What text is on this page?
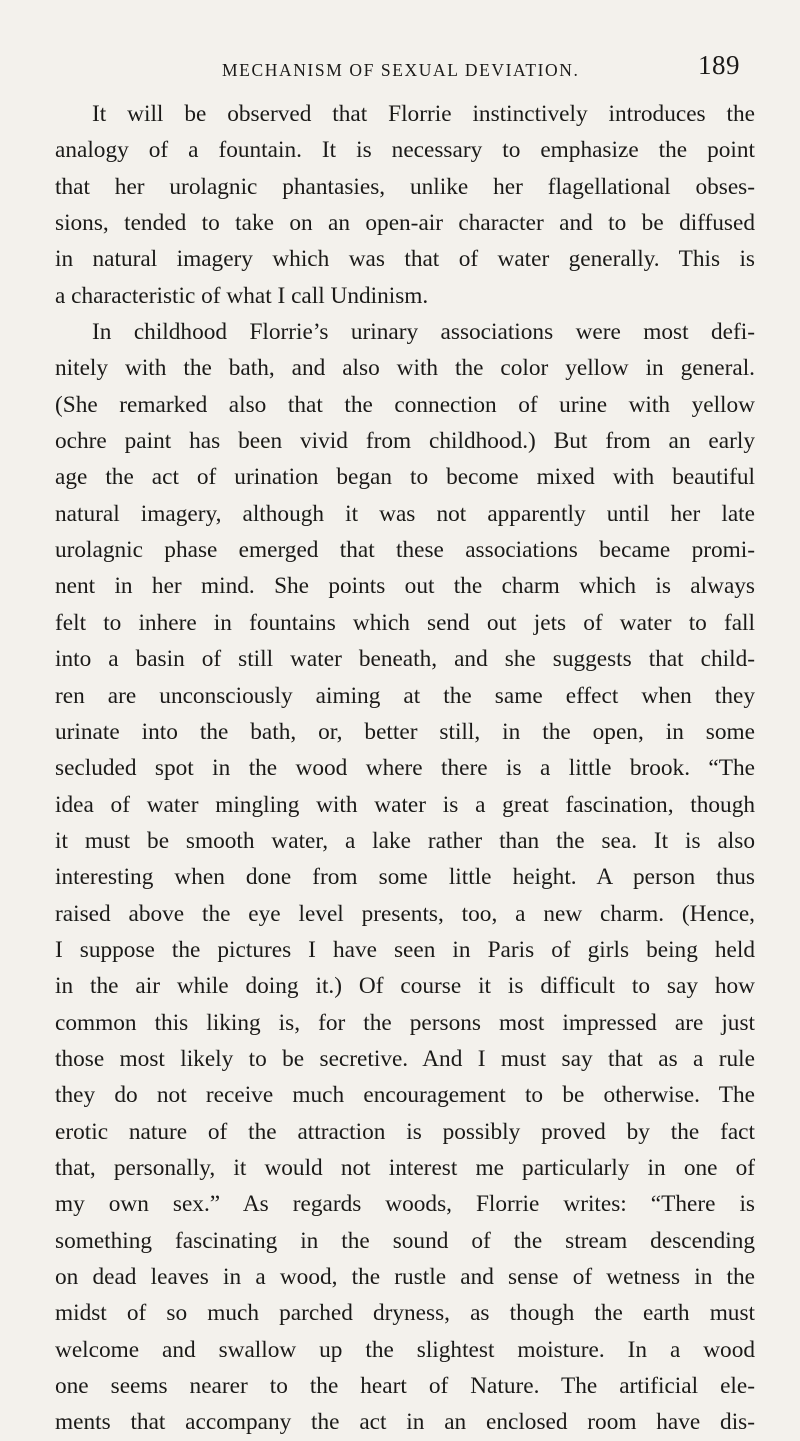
MECHANISM OF SEXUAL DEVIATION.	189
It will be observed that Florrie instinctively introduces the
analogy of a fountain. It is necessary to emphasize the point
that her urolagnic phantasies, unlike her flagellational obses-
sions, tended to take on an open-air character and to be diffused
in natural imagery which was that of water generally. This is
a characteristic of what I call Undinism.
In childhood Florrie’s urinary associations were most defi-
nitely with the bath, and also with the color yellow in general.
(She remarked also that the connection of urine with yellow
ochre paint has been vivid from childhood.) But from an early
age the act of urination began to become mixed with beautiful
natural imagery, although it was not apparently until her late
urolagnic phase emerged that these associations became promi-
nent in her mind. She points out the charm which is always
felt to inhere in fountains which send out jets of water to fall
into a basin of still water beneath, and she suggests that child-
ren are unconsciously aiming at the same effect when they
urinate into the bath, or, better still, in the open, in some
secluded spot in the wood where there is a little brook. “The
idea of water mingling with water is a great fascination, though
it must be smooth water, a lake rather than the sea. It is also
interesting when done from some little height. A person thus
raised above the eye level presents, too, a new charm. (Hence,
I suppose the pictures I have seen in Paris of girls being held
in the air while doing it.) Of course it is difficult to say how
common this liking is, for the persons most impressed are just
those most likely to be secretive. And I must say that as a rule
they do not receive much encouragement to be otherwise. The
erotic nature of the attraction is possibly proved by the fact
that, personally, it would not interest me particularly in one of
my own sex.” As regards woods, Florrie writes: “There is
something fascinating in the sound of the stream descending
on dead leaves in a wood, the rustle and sense of wetness in the
midst of so much parched dryness, as though the earth must
welcome and swallow up the slightest moisture. In a wood
one seems nearer to the heart of Nature. The artificial ele-
ments that accompany the act in an enclosed room have dis-
